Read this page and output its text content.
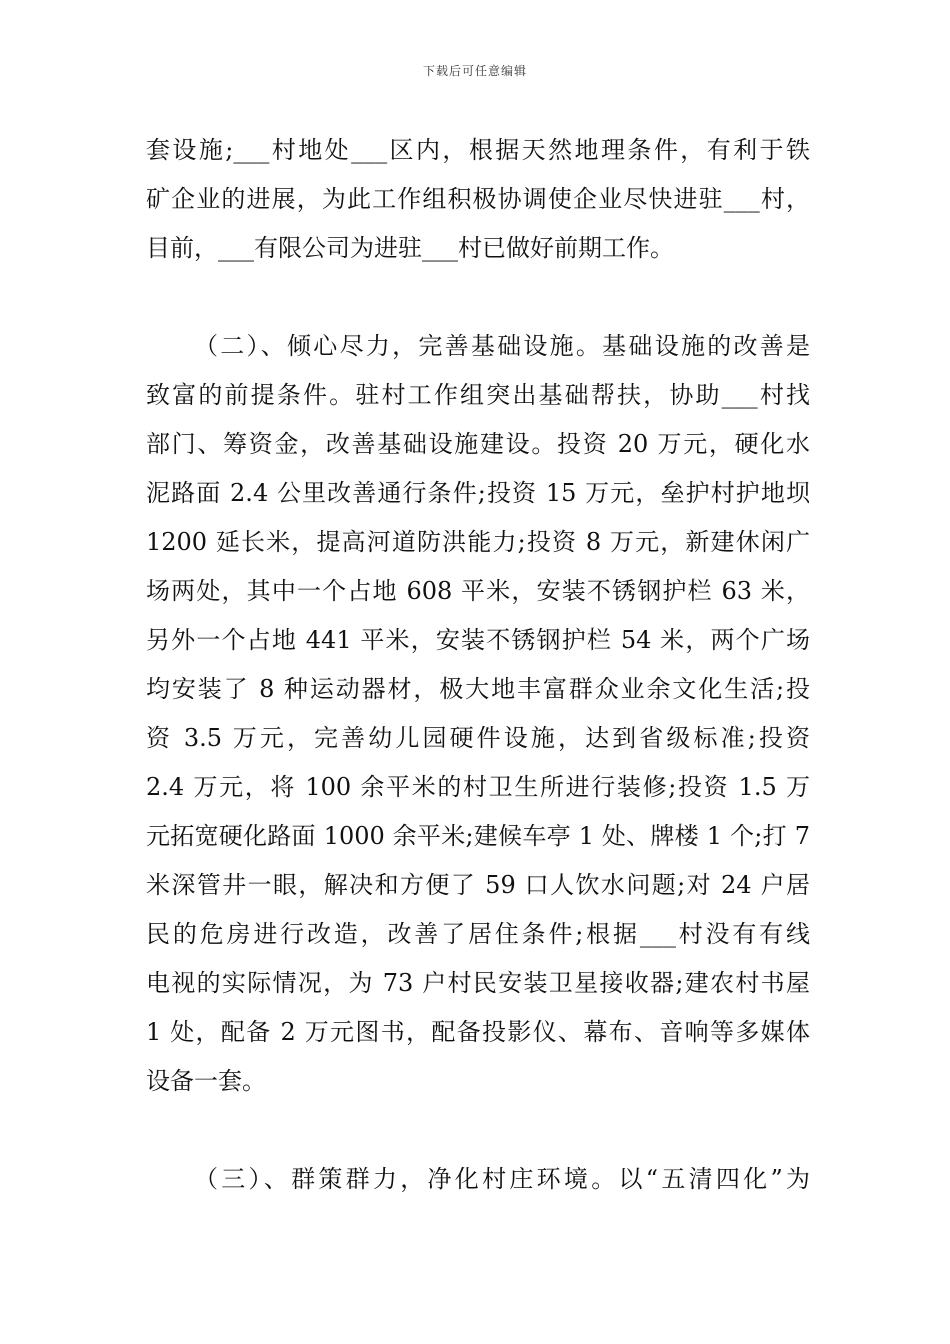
下载后可任意编辑
套设施;___村地处___区内，根据天然地理条件，有利于铁
矿企业的进展，为此工作组积极协调使企业尽快进驻___村，
目前，___有限公司为进驻___村已做好前期工作。
（二）、倾心尽力，完善基础设施。基础设施的改善是
致富的前提条件。驻村工作组突出基础帮扶，协助___村找
部门、筹资金，改善基础设施建设。投资 20 万元，硬化水
泥路面 2.4 公里改善通行条件;投资 15 万元，垒护村护地坝
1200 延长米，提高河道防洪能力;投资 8 万元，新建休闲广
场两处，其中一个占地 608 平米，安装不锈钢护栏 63 米，
另外一个占地 441 平米，安装不锈钢护栏 54 米，两个广场
均安装了 8 种运动器材，极大地丰富群众业余文化生活;投
资 3.5 万元，完善幼儿园硬件设施，达到省级标准;投资
2.4 万元，将 100 余平米的村卫生所进行装修;投资 1.5 万
元拓宽硬化路面 1000 余平米;建候车亭 1 处、牌楼 1 个;打 7
米深管井一眼，解决和方便了 59 口人饮水问题;对 24 户居
民的危房进行改造，改善了居住条件;根据___村没有有线
电视的实际情况，为 73 户村民安装卫星接收器;建农村书屋
1 处，配备 2 万元图书，配备投影仪、幕布、音响等多媒体
设备一套。
（三）、群策群力，净化村庄环境。以“五清四化”为
